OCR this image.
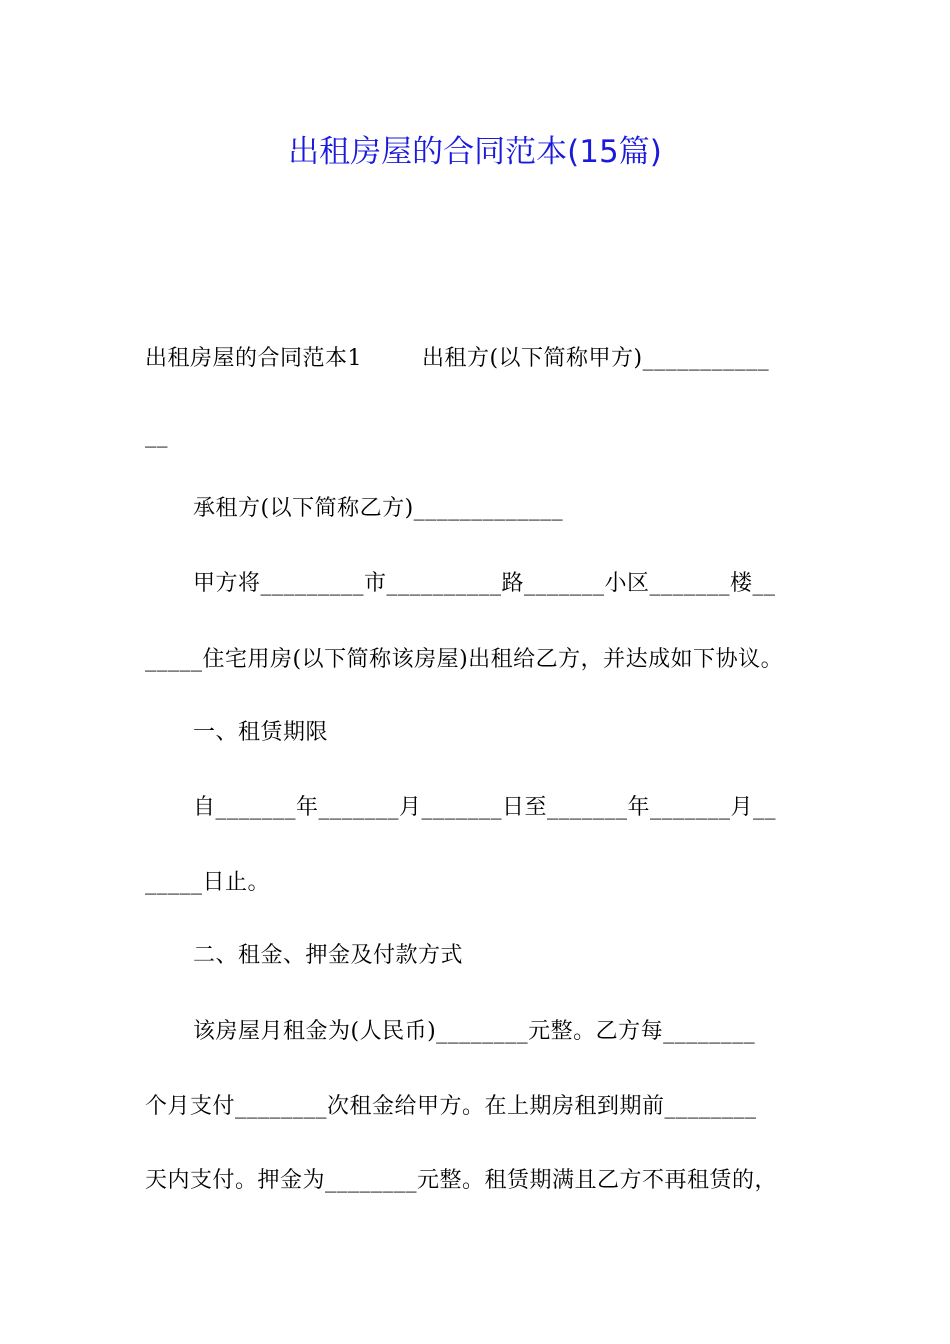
出租房屋的合同范本(15篇)
出租房屋的合同范本1        出租方(以下简称甲方)___________
__
承租方(以下简称乙方)_____________
甲方将_________市__________路_______小区_______楼__
_____住宅用房(以下简称该房屋)出租给乙方，并达成如下协议。
一、租赁期限
自_______年_______月_______日至_______年_______月__
_____日止。
二、租金、押金及付款方式
该房屋月租金为(人民币)________元整。乙方每________
个月支付________次租金给甲方。在上期房租到期前________
天内支付。押金为________元整。租赁期满且乙方不再租赁的，
